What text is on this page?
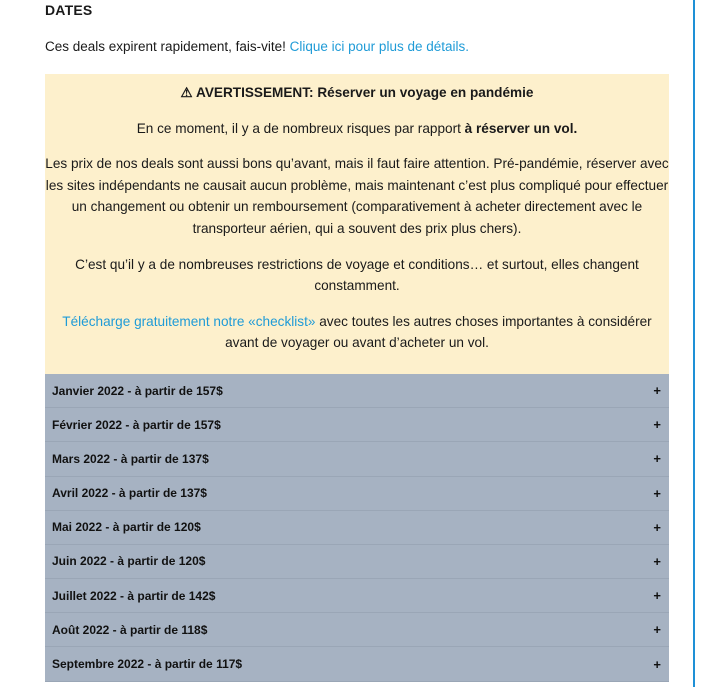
DATES

Ces deals expirent rapidement, fais-vite! Clique ici pour plus de détails.

⚠ AVERTISSEMENT: Réserver un voyage en pandémie

En ce moment, il y a de nombreux risques par rapport à réserver un vol.

Les prix de nos deals sont aussi bons qu’avant, mais il faut faire attention. Pré-pandémie, réserver avec les sites indépendants ne causait aucun problème, mais maintenant c’est plus compliqué pour effectuer un changement ou obtenir un remboursement (comparativement à acheter directement avec le transporteur aérien, qui a souvent des prix plus chers).

C’est qu’il y a de nombreuses restrictions de voyage et conditions… et surtout, elles changent constamment.

Télécharge gratuitement notre «checklist» avec toutes les autres choses importantes à considérer avant de voyager ou avant d’acheter un vol.

Janvier 2022 - à partir de 157$	+
Février 2022 - à partir de 157$	+
Mars 2022 - à partir de 137$	+
Avril 2022 - à partir de 137$	+
Mai 2022 - à partir de 120$	+
Juin 2022 - à partir de 120$	+
Juillet 2022 - à partir de 142$	+
Août 2022 - à partir de 118$	+
Septembre 2022 - à partir de 117$	+
